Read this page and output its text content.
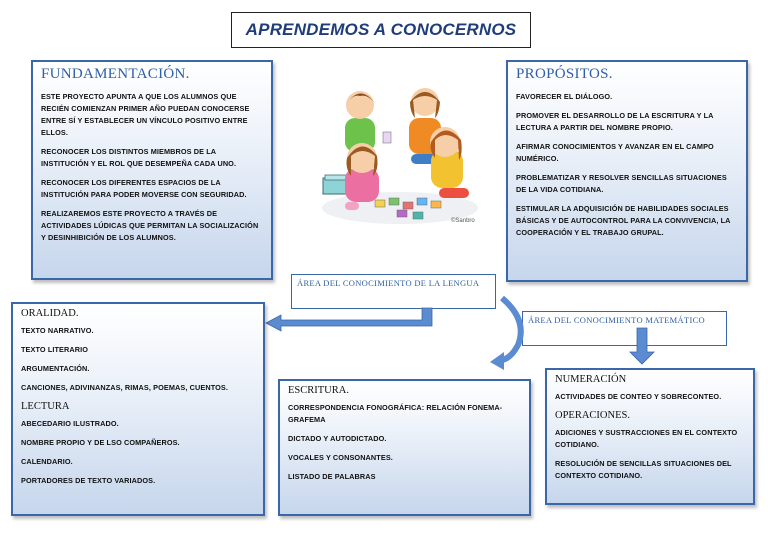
APRENDEMOS A CONOCERNOS
FUNDAMENTACIÓN.

ESTE PROYECTO APUNTA A QUE LOS ALUMNOS QUE RECIÉN COMIENZAN PRIMER AÑO PUEDAN CONOCERSE ENTRE SÍ Y ESTABLECER UN VÍNCULO POSITIVO ENTRE ELLOS.

RECONOCER LOS DISTINTOS MIEMBROS DE LA INSTITUCIÓN Y EL ROL QUE DESEMPEÑA CADA UNO.

RECONOCER LOS DIFERENTES ESPACIOS DE LA INSTITUCIÓN PARA PODER MOVERSE CON SEGURIDAD.

REALIZAREMOS ESTE PROYECTO A TRAVÉS DE ACTIVIDADES LÚDICAS QUE PERMITAN LA SOCIALIZACIÓN Y DESINHIBICIÓN DE LOS ALUMNOS.

PROPÓSITOS.

FAVORECER EL DIÁLOGO.

PROMOVER EL DESARROLLO DE LA ESCRITURA Y LA LECTURA A PARTIR DEL NOMBRE PROPIO.

AFIRMAR CONOCIMIENTOS Y AVANZAR EN EL CAMPO NUMÉRICO.

PROBLEMATIZAR Y RESOLVER SENCILLAS SITUACIONES DE LA VIDA COTIDIANA.

ESTIMULAR LA ADQUISICIÓN DE HABILIDADES SOCIALES BÁSICAS Y DE AUTOCONTROL PARA LA CONVIVENCIA, LA COOPERACIÓN Y EL TRABAJO GRUPAL.

©Sanbro
ÁREA DEL CONOCIMIENTO DE LA LENGUA
ÁREA DEL CONOCIMIENTO MATEMÁTICO
ORALIDAD.

TEXTO NARRATIVO.

TEXTO LITERARIO

ARGUMENTACIÓN.

CANCIONES, ADIVINANZAS, RIMAS, POEMAS, CUENTOS.

LECTURA

ABECEDARIO ILUSTRADO.

NOMBRE PROPIO Y DE LSO COMPAÑEROS.

CALENDARIO.

PORTADORES DE TEXTO VARIADOS.

ESCRITURA.

CORRESPONDENCIA FONOGRÁFICA: RELACIÓN FONEMA-GRAFEMA

DICTADO Y AUTODICTADO.

VOCALES Y CONSONANTES.

LISTADO DE PALABRAS

NUMERACIÓN

ACTIVIDADES DE CONTEO Y SOBRECONTEO.

OPERACIONES.

ADICIONES Y SUSTRACCIONES EN EL CONTEXTO COTIDIANO.

RESOLUCIÓN DE SENCILLAS SITUACIONES DEL CONTEXTO COTIDIANO.
